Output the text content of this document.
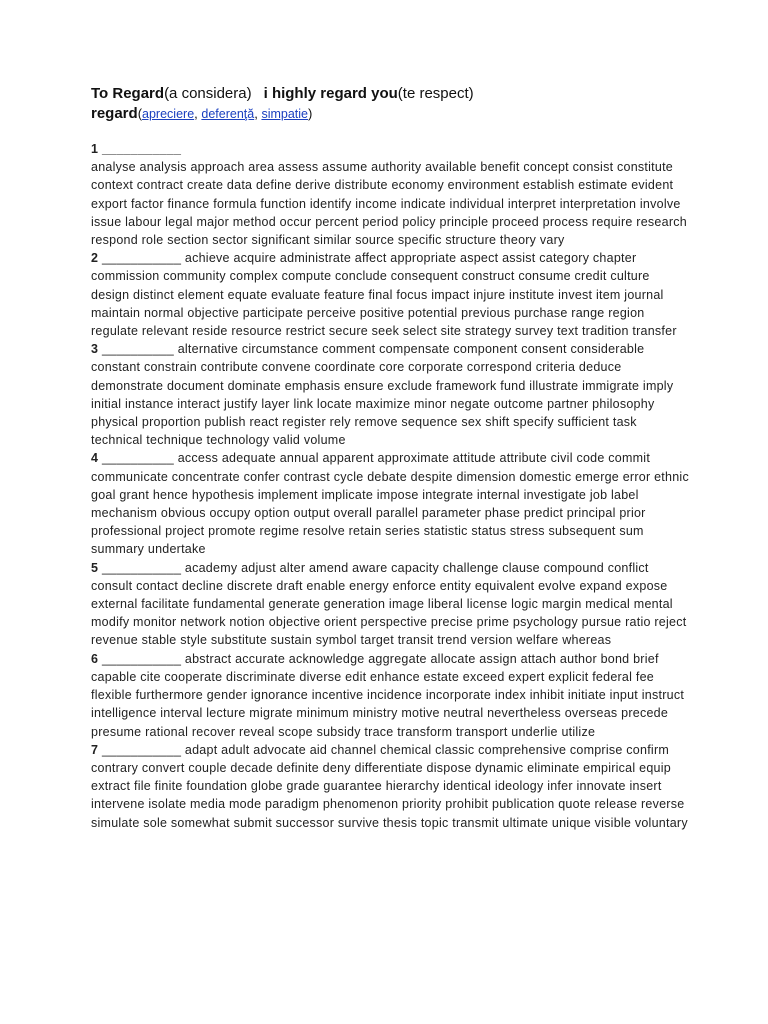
To Regard(a considera) i highly regard you(te respect)
regard(apreciere, deferenţă, simpatie)
1 ___________
analyse analysis approach area assess assume authority available benefit concept consist constitute context contract create data define derive distribute economy environment establish estimate evident export factor finance formula function identify income indicate individual interpret interpretation involve issue labour legal major method occur percent period policy principle proceed process require research respond role section sector significant similar source specific structure theory vary
2 ___________ achieve acquire administrate affect appropriate aspect assist category chapter commission community complex compute conclude consequent construct consume credit culture design distinct element equate evaluate feature final focus impact injure institute invest item journal maintain normal objective participate perceive positive potential previous purchase range region regulate relevant reside resource restrict secure seek select site strategy survey text tradition transfer
3 __________ alternative circumstance comment compensate component consent considerable constant constrain contribute convene coordinate core corporate correspond criteria deduce demonstrate document dominate emphasis ensure exclude framework fund illustrate immigrate imply initial instance interact justify layer link locate maximize minor negate outcome partner philosophy physical proportion publish react register rely remove sequence sex shift specify sufficient task technical technique technology valid volume
4 __________ access adequate annual apparent approximate attitude attribute civil code commit communicate concentrate confer contrast cycle debate despite dimension domestic emerge error ethnic goal grant hence hypothesis implement implicate impose integrate internal investigate job label mechanism obvious occupy option output overall parallel parameter phase predict principal prior professional project promote regime resolve retain series statistic status stress subsequent sum summary undertake
5 ___________ academy adjust alter amend aware capacity challenge clause compound conflict consult contact decline discrete draft enable energy enforce entity equivalent evolve expand expose external facilitate fundamental generate generation image liberal license logic margin medical mental modify monitor network notion objective orient perspective precise prime psychology pursue ratio reject revenue stable style substitute sustain symbol target transit trend version welfare whereas
6 ___________ abstract accurate acknowledge aggregate allocate assign attach author bond brief capable cite cooperate discriminate diverse edit enhance estate exceed expert explicit federal fee flexible furthermore gender ignorance incentive incidence incorporate index inhibit initiate input instruct intelligence interval lecture migrate minimum ministry motive neutral nevertheless overseas precede presume rational recover reveal scope subsidy trace transform transport underlie utilize
7 ___________ adapt adult advocate aid channel chemical classic comprehensive comprise confirm contrary convert couple decade definite deny differentiate dispose dynamic eliminate empirical equip extract file finite foundation globe grade guarantee hierarchy identical ideology infer innovate insert intervene isolate media mode paradigm phenomenon priority prohibit publication quote release reverse simulate sole somewhat submit successor survive thesis topic transmit ultimate unique visible voluntary
